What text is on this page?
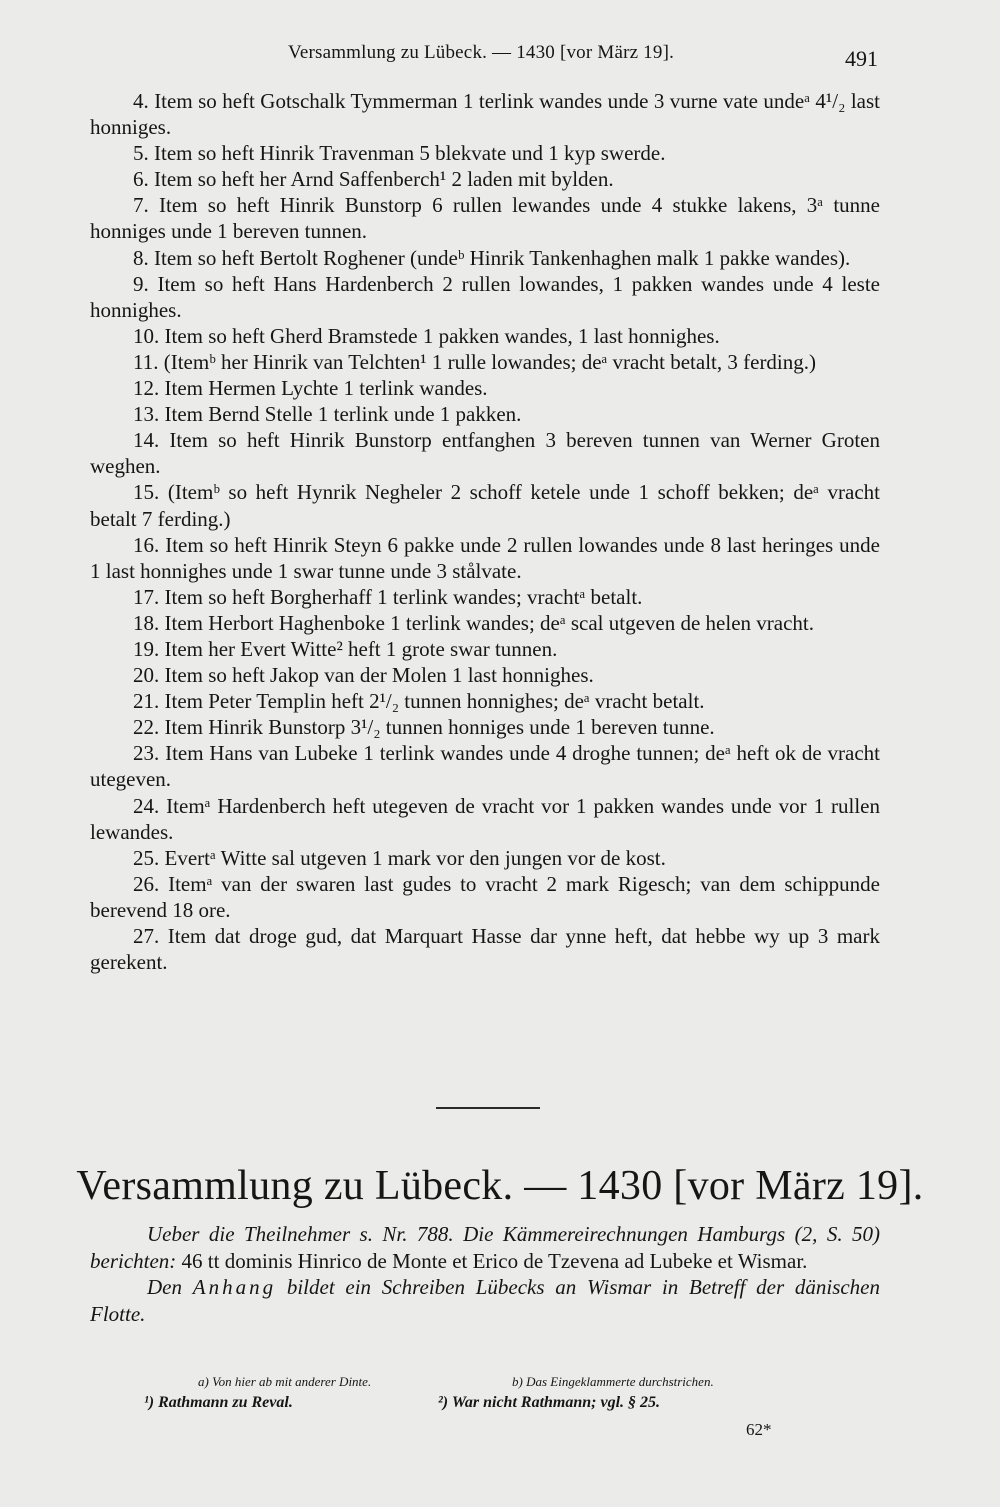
Versammlung zu Lübeck. — 1430 [vor März 19].	491

4. Item so heft Gotschalk Tymmerman 1 terlink wandes unde 3 vurne vate undeᵃ 4¹/₂ last honniges.

5. Item so heft Hinrik Travenman 5 blekvate und 1 kyp swerde.

6. Item so heft her Arnd Saffenberch¹ 2 laden mit bylden.

7. Item so heft Hinrik Bunstorp 6 rullen lewandes unde 4 stukke lakens, 3ᵃ tunne honniges unde 1 bereven tunnen.

8. Item so heft Bertolt Roghener (undeᵇ Hinrik Tankenhaghen malk 1 pakke wandes).

9. Item so heft Hans Hardenberch 2 rullen lowandes, 1 pakken wandes unde 4 leste honnighes.

10. Item so heft Gherd Bramstede 1 pakken wandes, 1 last honnighes.

11. (Itemᵇ her Hinrik van Telchten¹ 1 rulle lowandes; deᵃ vracht betalt, 3 ferding.)

12. Item Hermen Lychte 1 terlink wandes.

13. Item Bernd Stelle 1 terlink unde 1 pakken.

14. Item so heft Hinrik Bunstorp entfanghen 3 bereven tunnen van Werner Groten weghen.

15. (Itemᵇ so heft Hynrik Negheler 2 schoff ketele unde 1 schoff bekken; deᵃ vracht betalt 7 ferding.)

16. Item so heft Hinrik Steyn 6 pakke unde 2 rullen lowandes unde 8 last heringes unde 1 last honnighes unde 1 swar tunne unde 3 stålvate.

17. Item so heft Borgherhaff 1 terlink wandes; vrachtᵃ betalt.

18. Item Herbort Haghenboke 1 terlink wandes; deᵃ scal utgeven de helen vracht.

19. Item her Evert Witte² heft 1 grote swar tunnen.

20. Item so heft Jakop van der Molen 1 last honnighes.

21. Item Peter Templin heft 2¹/₂ tunnen honnighes; deᵃ vracht betalt.

22. Item Hinrik Bunstorp 3¹/₂ tunnen honniges unde 1 bereven tunne.

23. Item Hans van Lubeke 1 terlink wandes unde 4 droghe tunnen; deᵃ heft ok de vracht utegeven.

24. Itemᵃ Hardenberch heft utegeven de vracht vor 1 pakken wandes unde vor 1 rullen lewandes.

25. Evertᵃ Witte sal utgeven 1 mark vor den jungen vor de kost.

26. Itemᵃ van der swaren last gudes to vracht 2 mark Rigesch; van dem schippunde berevend 18 ore.

27. Item dat droge gud, dat Marquart Hasse dar ynne heft, dat hebbe wy up 3 mark gerekent.

Versammlung zu Lübeck. — 1430 [vor März 19].

Ueber die Theilnehmer s. Nr. 788. Die Kämmereirechnungen Hamburgs (2, S. 50) berichten: 46 tt dominis Hinrico de Monte et Erico de Tzevena ad Lubeke et Wismar.

Den Anhang bildet ein Schreiben Lübecks an Wismar in Betreff der dänischen Flotte.

a) Von hier ab mit anderer Dinte.	b) Das Eingeklammerte durchstrichen.
¹) Rathmann zu Reval.	²) War nicht Rathmann; vgl. § 25.
62*
